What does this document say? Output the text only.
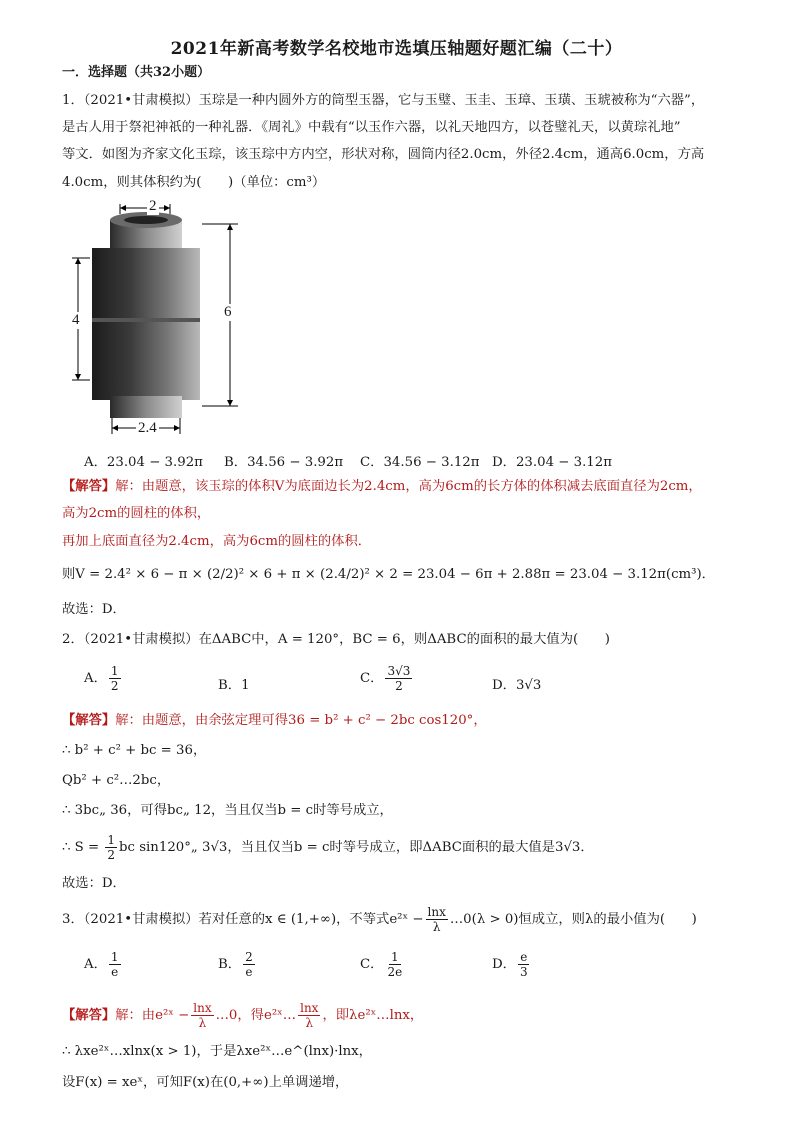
2021年新高考数学名校地市选填压轴题好题汇编（二十）
一．选择题（共32小题）
1．（2021•甘肃模拟）玉琮是一种内圆外方的筒型玉器，它与玉璧、玉圭、玉璋、玉璜、玉琥被称为“六器”，
是古人用于祭祀神祇的一种礼器．《周礼》中载有“以玉作六器，以礼天地四方，以苍璧礼天，以黄琮礼地”
等文．如图为齐家文化玉琮，该玉琮中方内空，形状对称，圆筒内径2.0cm，外径2.4cm，通高6.0cm，方高
4.0cm，则其体积约为(　　)（单位：cm³）
2
4	6
2.4
A．23.04 − 3.92π B．34.56 − 3.92π C．34.56 − 3.12π D．23.04 − 3.12π
【解答】解：由题意，该玉琮的体积V为底面边长为2.4cm，高为6cm的长方体的体积减去底面直径为2cm，
高为2cm的圆柱的体积，
再加上底面直径为2.4cm，高为6cm的圆柱的体积．
则V = 2.4² × 6 − π × (2/2)² × 6 + π × (2.4/2)² × 2 = 23.04 − 6π + 2.88π = 23.04 − 3.12π(cm³)．
故选：D．
2．（2021•甘肃模拟）在ΔABC中，A = 120°，BC = 6，则ΔABC的面积的最大值为(　　)
A． $\frac{1}{2}$	B．1	C． $\frac{3√3}{2}$	D．3√3
【解答】解：由题意，由余弦定理可得36 = b² + c² − 2bc cos120°，
∴ b² + c² + bc = 36，
Qb² + c²…2bc，
∴ 3bc„ 36，可得bc„ 12，当且仅当b = c时等号成立，
∴ $S = \frac{1}{2}$ bc sin120°„ 3√3，当且仅当b = c时等号成立，即ΔABC面积的最大值是3√3．
故选：D．
3．（2021•甘肃模拟）若对任意的x ∈ (1,+∞)，不等式e²ˣ − $\frac{\ln x}{\lambda}$ …0(λ > 0)恒成立，则λ的最小值为(　　)
A． $\frac{1}{e}$	B． $\frac{2}{e}$	C． $\frac{1}{2e}$	D． $\frac{e}{3}$
【解答】解：由e²ˣ − $\frac{\ln x}{\lambda}$ …0，得e²ˣ… $\frac{\ln x}{\lambda}$ ，即λe²ˣ…lnx，
∴ λxe²ˣ…xlnx(x > 1)，于是λxe²ˣ…e^(lnx)·lnx，
设F(x) = xeˣ，可知F(x)在(0,+∞)上单调递增，
